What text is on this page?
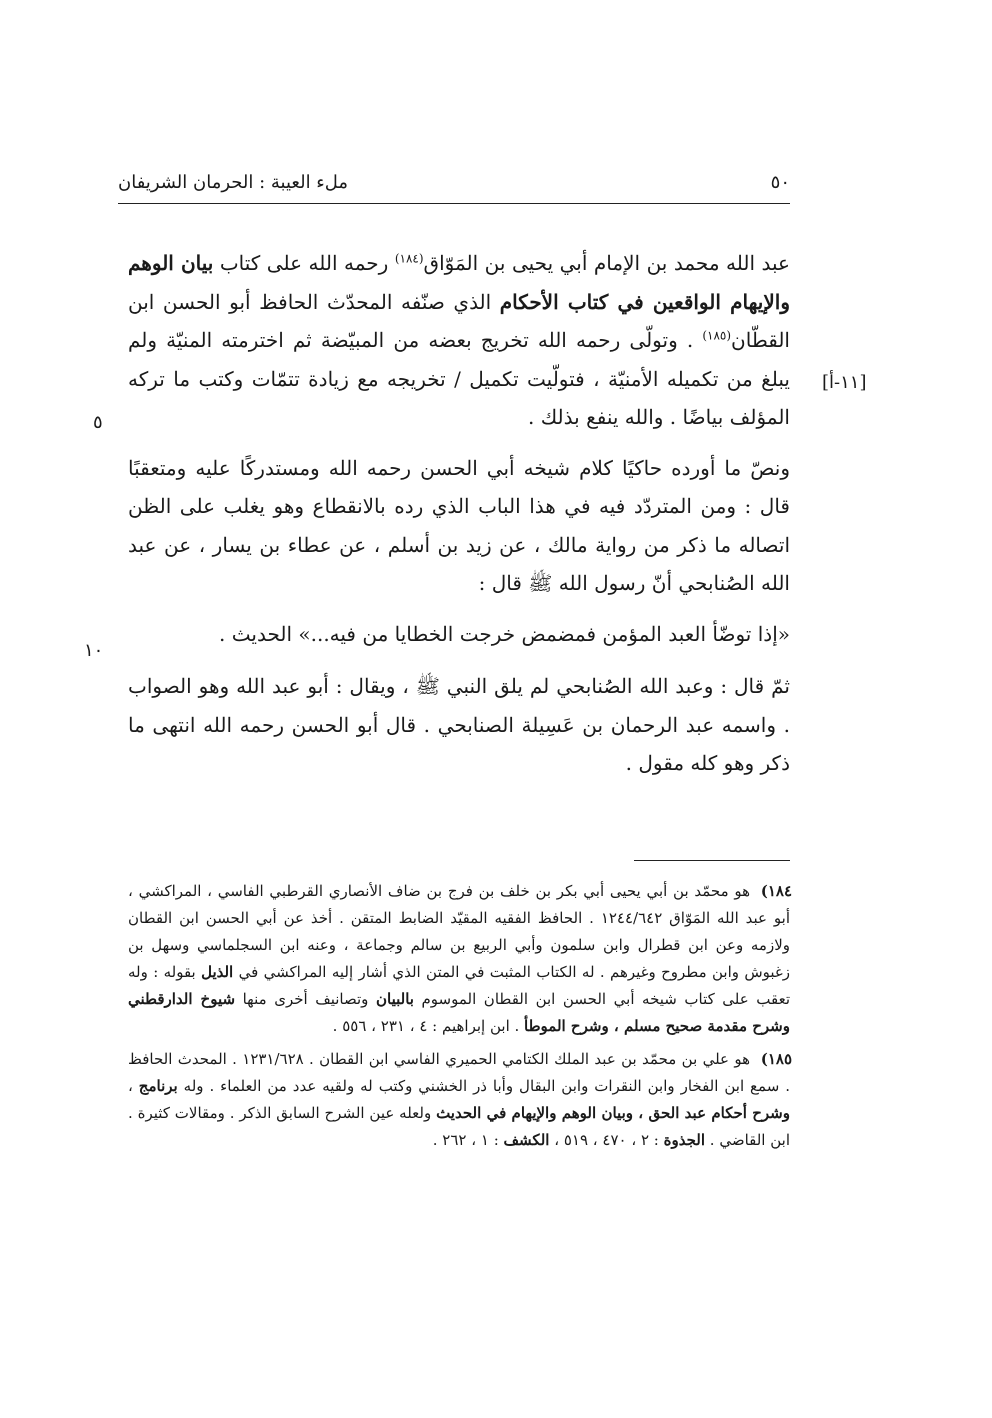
٥٠
ملء العيبة : الحرمان الشريفان
[١١-أ]
٥
١٠

عبد الله محمد بن الإمام أبي يحيى بن المَوّاق$^{(١٨٤)}$ رحمه الله على كتاب بيان الوهم والإيهام الواقعين في كتاب الأحكام الذي صنّفه المحدّث الحافظ أبو الحسن ابن القطّان$^{(١٨٥)}$ . وتولّى رحمه الله تخريج بعضه من المبيّضة ثم اخترمته المنيّة ولم يبلغ من تكميله الأمنيّة ، فتولّيت تكميل / تخريجه مع زيادة تتمّات وكتب ما تركه المؤلف بياضًا . والله ينفع بذلك .

ونصّ ما أورده حاكيًا كلام شيخه أبي الحسن رحمه الله ومستدركًا عليه ومتعقبًا قال : ومن المتردّد فيه في هذا الباب الذي رده بالانقطاع وهو يغلب على الظن اتصاله ما ذكر من رواية مالك ، عن زيد بن أسلم ، عن عطاء بن يسار ، عن عبد الله الصُنابحي أنّ رسول الله ﷺ قال :

«إذا توضّأ العبد المؤمن فمضمض خرجت الخطايا من فيه...» الحديث .

ثمّ قال : وعبد الله الصُنابحي لم يلق النبي ﷺ ، ويقال : أبو عبد الله وهو الصواب . واسمه عبد الرحمان بن عَسِيلة الصنابحي . قال أبو الحسن رحمه الله انتهى ما ذكر وهو كله مقول .

١٨٤)

هو محمّد بن أبي يحيى أبي بكر بن خلف بن فرج بن ضاف الأنصاري القرطبي الفاسي ، المراكشي ، أبو عبد الله المَوّاق ١٢٤٤/٦٤٢ . الحافظ الفقيه المقيّد الضابط المتقن . أخذ عن أبي الحسن ابن القطان ولازمه وعن ابن قطرال وابن سلمون وأبي الربيع بن سالم وجماعة ، وعنه ابن السجلماسي وسهل بن زغبوش وابن مطروح وغيرهم . له الكتاب المثبت في المتن الذي أشار إليه المراكشي في الذيل بقوله : وله تعقب على كتاب شيخه أبي الحسن ابن القطان الموسوم بالبيان وتصانيف أخرى منها شيوخ الدارقطني وشرح مقدمة صحيح مسلم ، وشرح الموطأ . ابن إبراهيم : ٤ ، ٢٣١ ، ٥٥٦ .

١٨٥)

هو علي بن محمّد بن عبد الملك الكتامي الحميري الفاسي ابن القطان . ١٢٣١/٦٢٨ . المحدث الحافظ . سمع ابن الفخار وابن النقرات وابن البقال وأبا ذر الخشني وكتب له ولقيه عدد من العلماء . وله برنامج ، وشرح أحكام عبد الحق ، وبيان الوهم والإيهام في الحديث ولعله عين الشرح السابق الذكر . ومقالات كثيرة . ابن القاضي . الجذوة : ٢ ، ٤٧٠ ، ٥١٩ ، الكشف : ١ ، ٢٦٢ .
